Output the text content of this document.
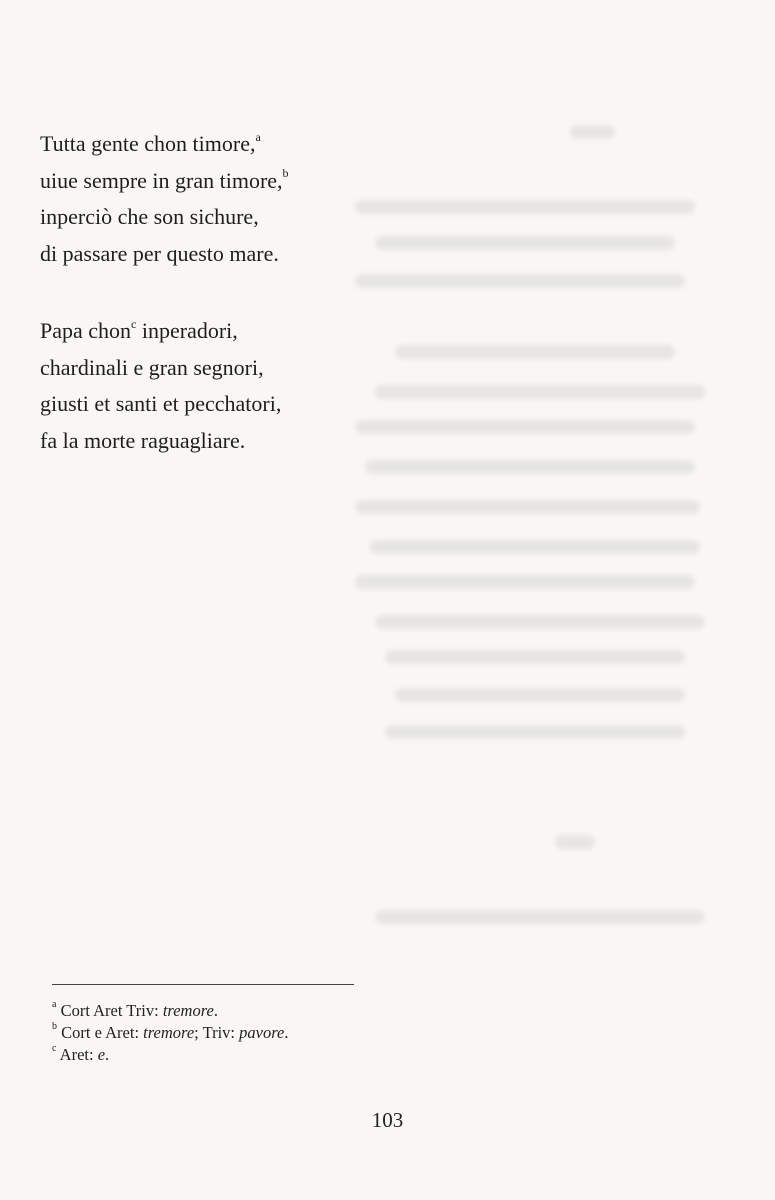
Tutta gente chon timore,$^a$
uiue sempre in gran timore,$^b$
inperciò che son sichure,
di passare per questo mare.
Papa chon$^c$ inperadori,
chardinali e gran segnori,
giusti et santi et pecchatori,
fa la morte raguagliare.
$^a$ Cort Aret Triv: tremore.
$^b$ Cort e Aret: tremore; Triv: pavore.
$^c$ Aret: e.
103
